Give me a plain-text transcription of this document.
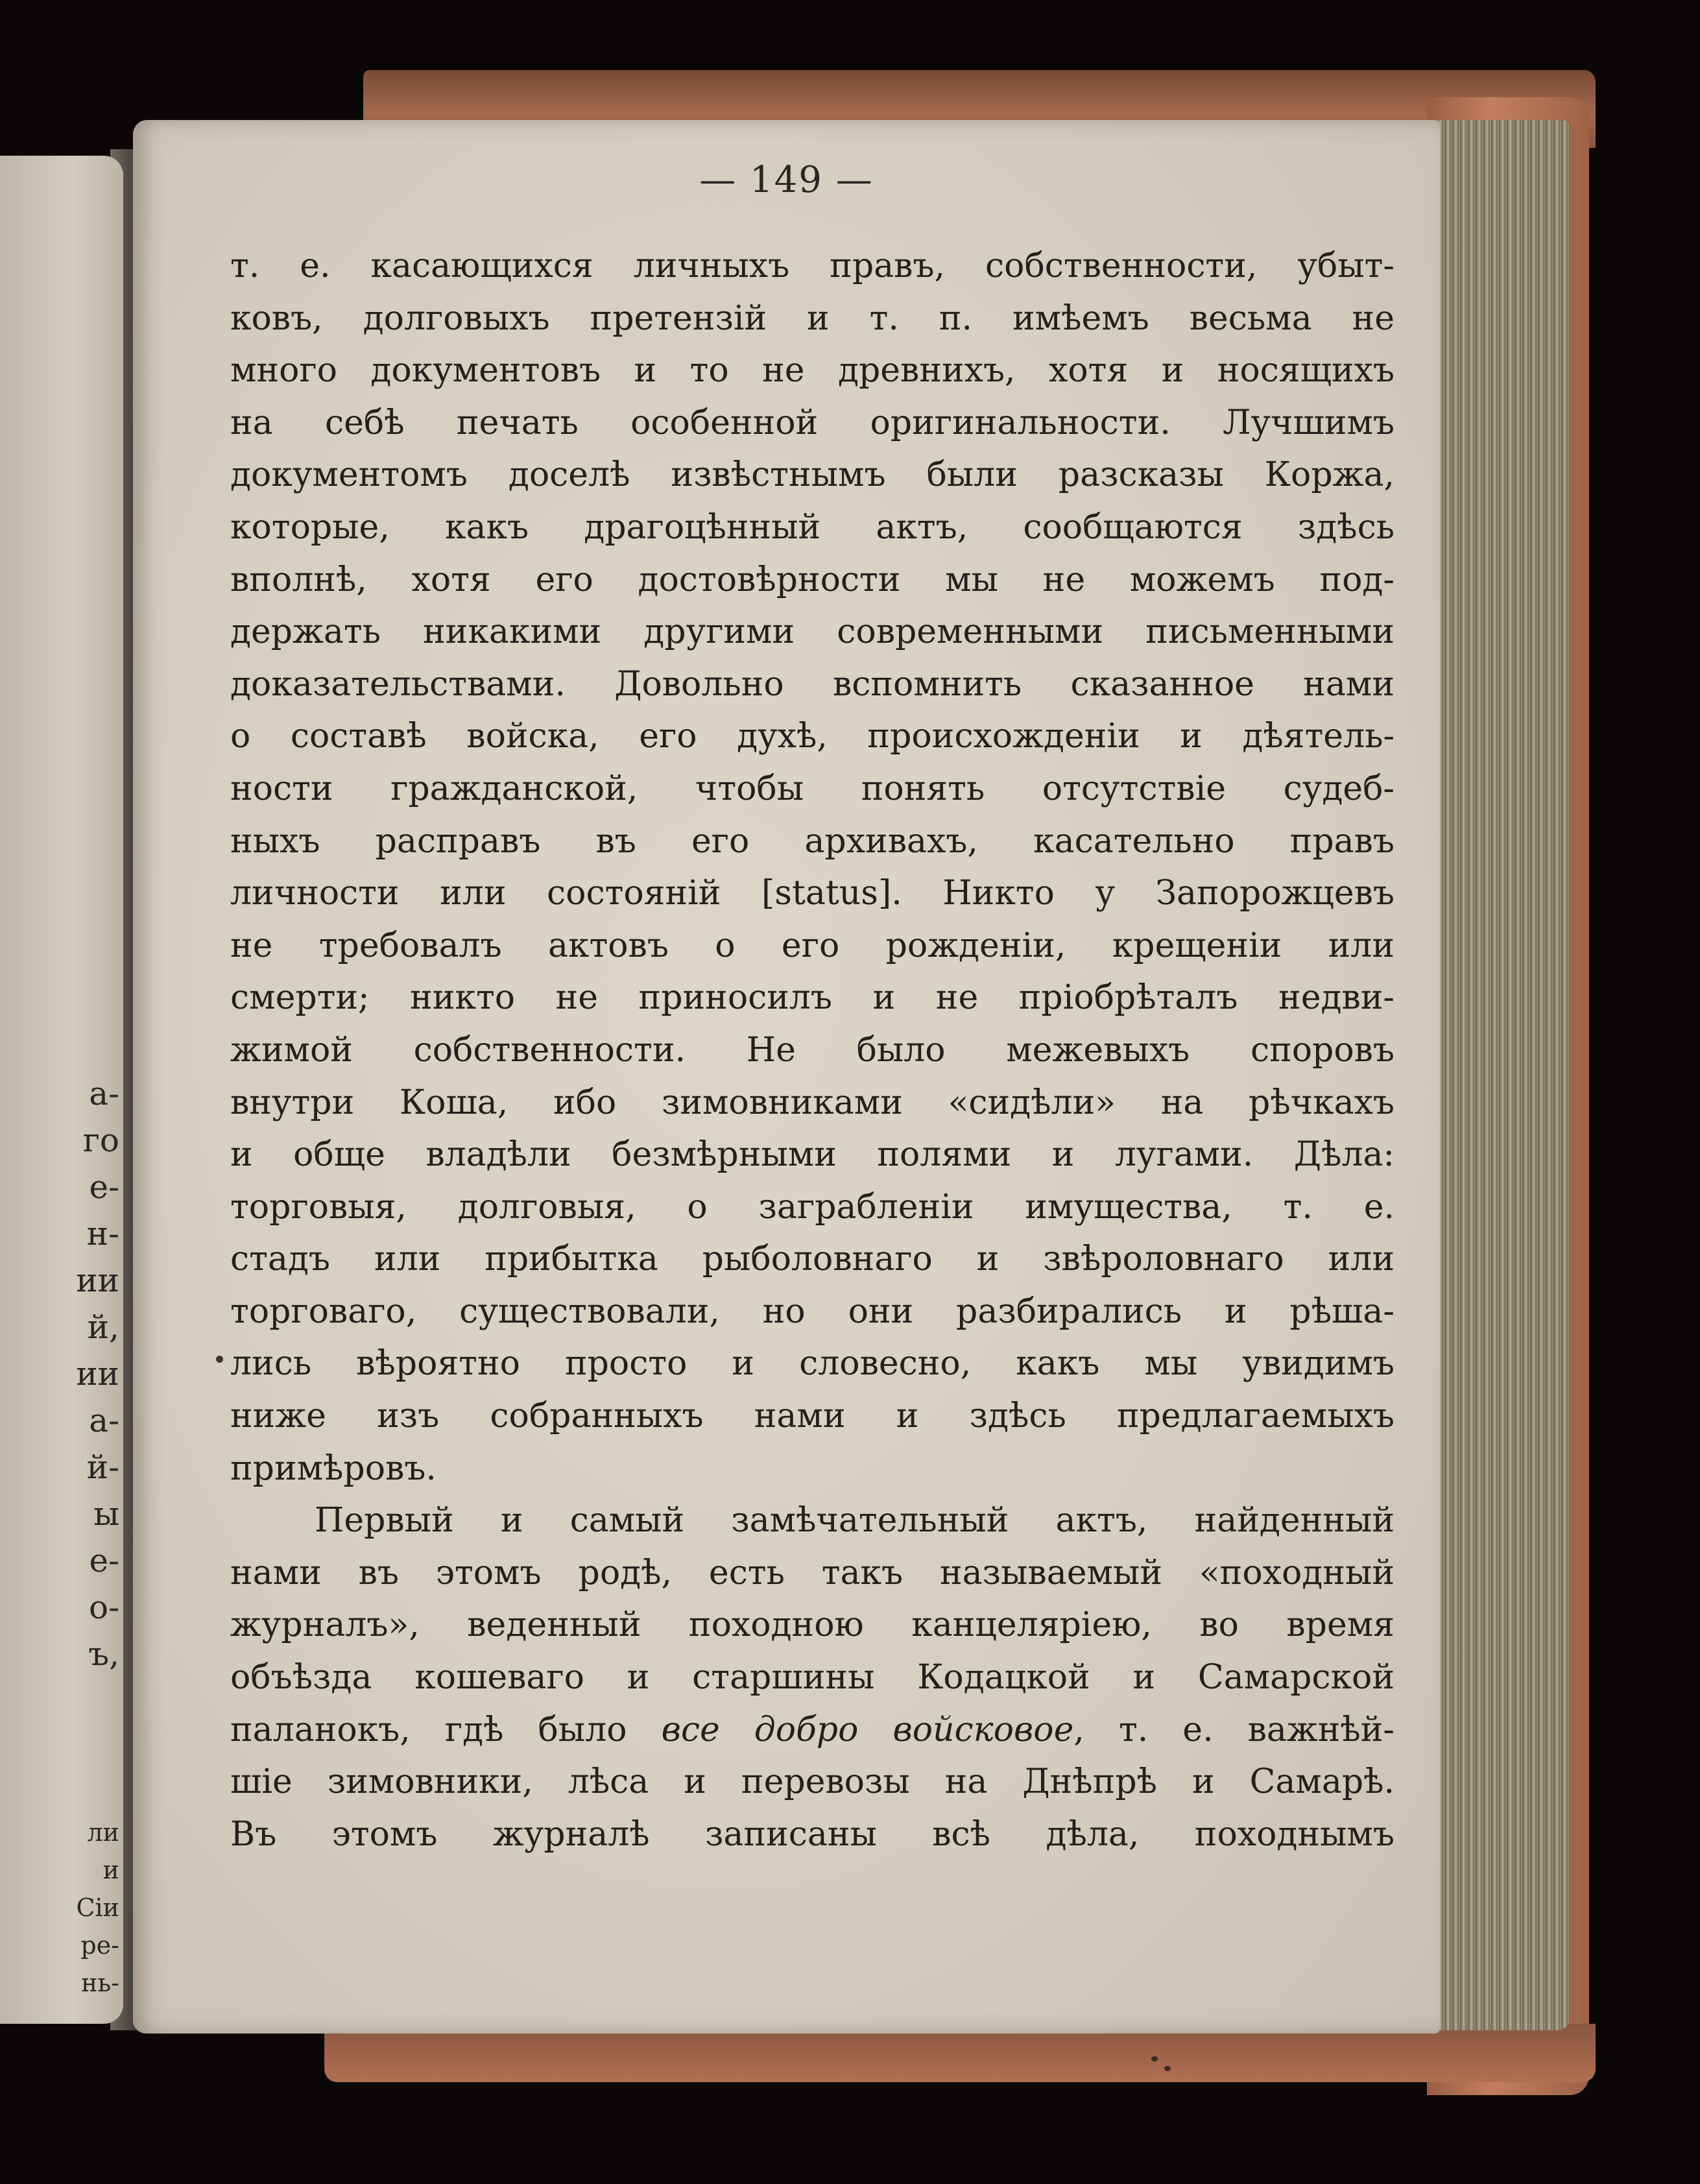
а-
го
е-
н-
ии
й,
ии
а-
й-
ы
е-
о-
ъ,
ли
и
Сіи
ре-
нь-
— 149 —
т. е. касающихся личныхъ правъ, собственности, убыт-
ковъ, долговыхъ претензій и т. п. имѣемъ весьма не
много документовъ и то не древнихъ, хотя и носящихъ
на себѣ печать особенной оригинальности. Лучшимъ
документомъ доселѣ извѣстнымъ были разсказы Коржа,
которые, какъ драгоцѣнный актъ, сообщаются здѣсь
вполнѣ, хотя его достовѣрности мы не можемъ под-
держать никакими другими современными письменными
доказательствами. Довольно вспомнить сказанное нами
о составѣ войска, его духѣ, происхожденіи и дѣятель-
ности гражданской, чтобы понять отсутствіе судеб-
ныхъ расправъ въ его архивахъ, касательно правъ
личности или состояній [status]. Никто у Запорожцевъ
не требовалъ актовъ о его рожденіи, крещеніи или
смерти; никто не приносилъ и не пріобрѣталъ недви-
жимой собственности. Не было межевыхъ споровъ
внутри Коша, ибо зимовниками «сидѣли» на рѣчкахъ
и обще владѣли безмѣрными полями и лугами. Дѣла:
торговыя, долговыя, о заграбленіи имущества, т. е.
стадъ или прибытка рыболовнаго и звѣроловнаго или
торговаго, существовали, но они разбирались и рѣша-
лись вѣроятно просто и словесно, какъ мы увидимъ
ниже изъ собранныхъ нами и здѣсь предлагаемыхъ
примѣровъ.
Первый и самый замѣчательный актъ, найденный
нами въ этомъ родѣ, есть такъ называемый «походный
журналъ», веденный походною канцеляріею, во время
объѣзда кошеваго и старшины Кодацкой и Самарской
паланокъ, гдѣ было все добро войсковое, т. е. важнѣй-
шіе зимовники, лѣса и перевозы на Днѣпрѣ и Самарѣ.
Въ этомъ журналѣ записаны всѣ дѣла, походнымъ
